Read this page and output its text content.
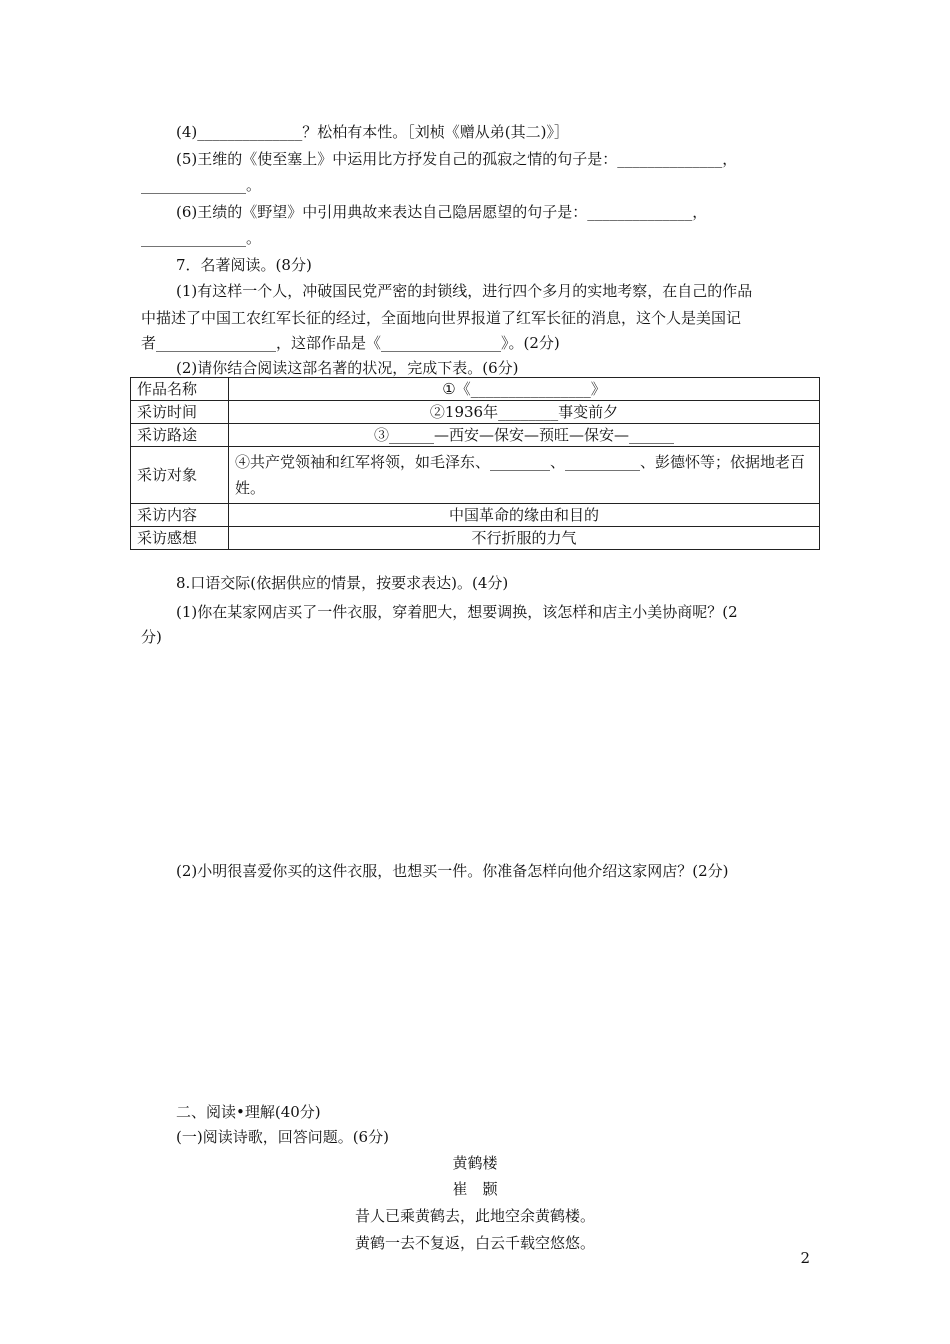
(4)______________？松柏有本性。［刘桢《赠从弟(其二)》］
(5)王维的《使至塞上》中运用比方抒发自己的孤寂之情的句子是：______________，
______________。
(6)王绩的《野望》中引用典故来表达自己隐居愿望的句子是：______________，
______________。
7．名著阅读。(8分)
(1)有这样一个人，冲破国民党严密的封锁线，进行四个多月的实地考察，在自己的作品
中描述了中国工农红军长征的经过，全面地向世界报道了红军长征的消息，这个人是美国记
者________________，这部作品是《________________》。(2分)
(2)请你结合阅读这部名著的状况，完成下表。(6分)
作品名称	①《________________》
采访时间	②1936年________事变前夕
采访路途	③______—西安—保安—预旺—保安—______
采访对象	④共产党领袖和红军将领，如毛泽东、________、__________、彭德怀等；依据地老百姓。
采访内容	中国革命的缘由和目的
采访感想	不行折服的力气
8.口语交际(依据供应的情景，按要求表达)。(4分)
(1)你在某家网店买了一件衣服，穿着肥大，想要调换，该怎样和店主小美协商呢？(2
分)
(2)小明很喜爱你买的这件衣服，也想买一件。你准备怎样向他介绍这家网店？(2分)
二、阅读•理解(40分)
(一)阅读诗歌，回答问题。(6分)
黄鹤楼
崔　颢
昔人已乘黄鹤去，此地空余黄鹤楼。
黄鹤一去不复返，白云千载空悠悠。
2
